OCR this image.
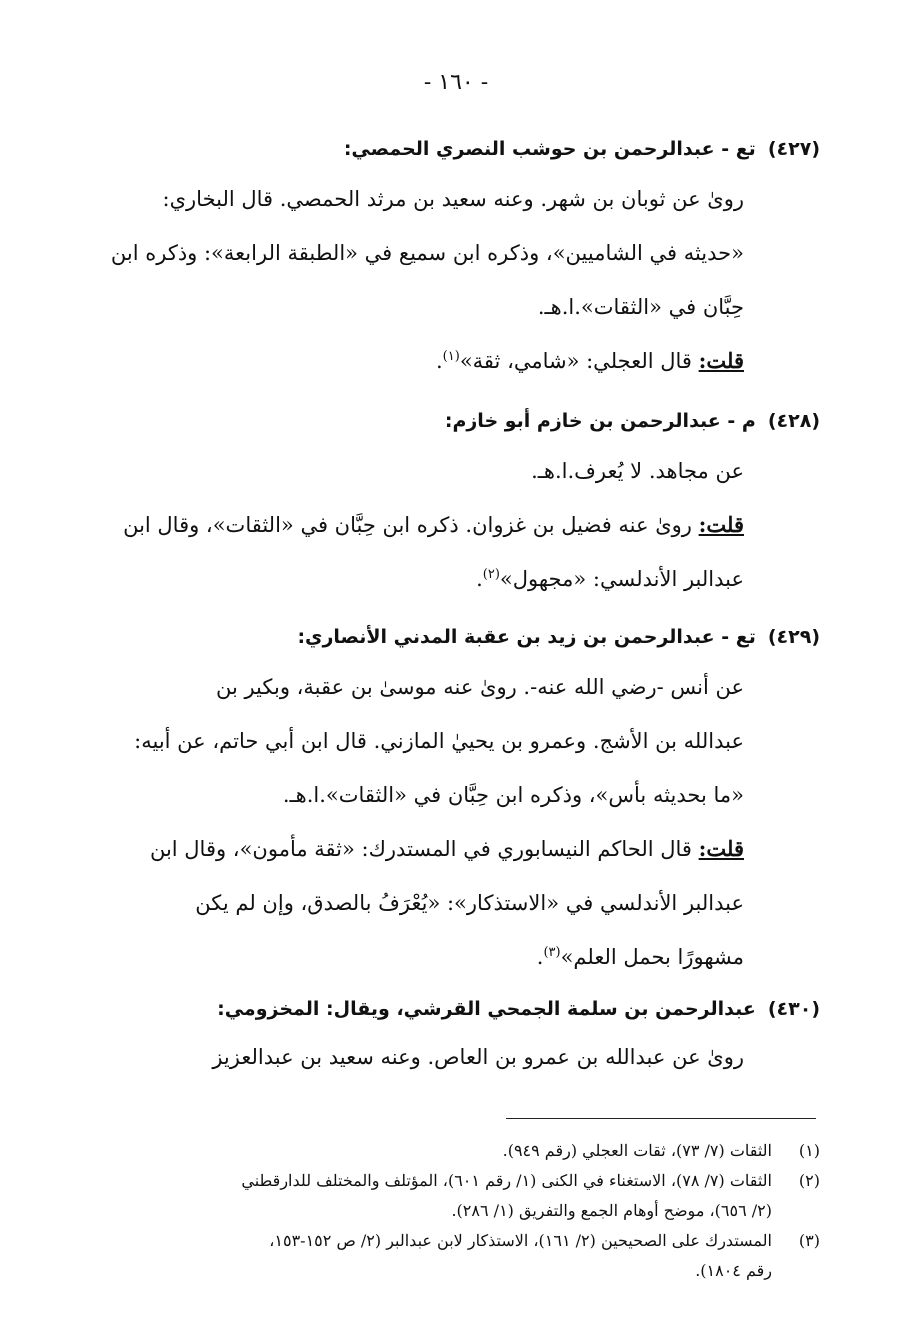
- ١٦٠ -
(٤٢٧)تع - عبدالرحمن بن حوشب النصري الحمصي:
رویٰ عن ثوبان بن شهر. وعنه سعيد بن مرثد الحمصي. قال البخاري:
«حديثه في الشاميين»، وذكره ابن سميع في «الطبقة الرابعة»: وذكره ابن
حِبَّان في «الثقات».ا.هـ.
قلت: قال العجلي: «شامي، ثقة»$^{(١)}$.
(٤٢٨)م - عبدالرحمن بن خازم أبو خازم:
عن مجاهد. لا يُعرف.ا.هـ.
قلت: رویٰ عنه فضيل بن غزوان. ذكره ابن حِبَّان في «الثقات»، وقال ابن
عبدالبر الأندلسي: «مجهول»$^{(٢)}$.
(٤٢٩)تع - عبدالرحمن بن زيد بن عقبة المدني الأنصاري:
عن أنس -رضي الله عنه-. رویٰ عنه موسیٰ بن عقبة، وبكير بن
عبدالله بن الأشج. وعمرو بن يحييٰ المازني. قال ابن أبي حاتم، عن أبيه:
«ما بحديثه بأس»، وذكره ابن حِبَّان في «الثقات».ا.هـ.
قلت: قال الحاكم النيسابوري في المستدرك: «ثقة مأمون»، وقال ابن
عبدالبر الأندلسي في «الاستذكار»: «يُعْرَفُ بالصدق، وإن لم يكن
مشهورًا بحمل العلم»$^{(٣)}$.
(٤٣٠)عبدالرحمن بن سلمة الجمحي القرشي، ويقال: المخزومي:
رویٰ عن عبدالله بن عمرو بن العاص. وعنه سعيد بن عبدالعزيز
(١)
الثقات (٧/ ٧٣)، ثقات العجلي (رقم ٩٤٩).
(٢)
الثقات (٧/ ٧٨)، الاستغناء في الكنى (١/ رقم ٦٠١)، المؤتلف والمختلف للدارقطني
(٢/ ٦٥٦)، موضح أوهام الجمع والتفريق (١/ ٢٨٦).
(٣)
المستدرك على الصحيحين (٢/ ١٦١)، الاستذكار لابن عبدالبر (٢/ ص ١٥٢-١٥٣،
رقم ١٨٠٤).
